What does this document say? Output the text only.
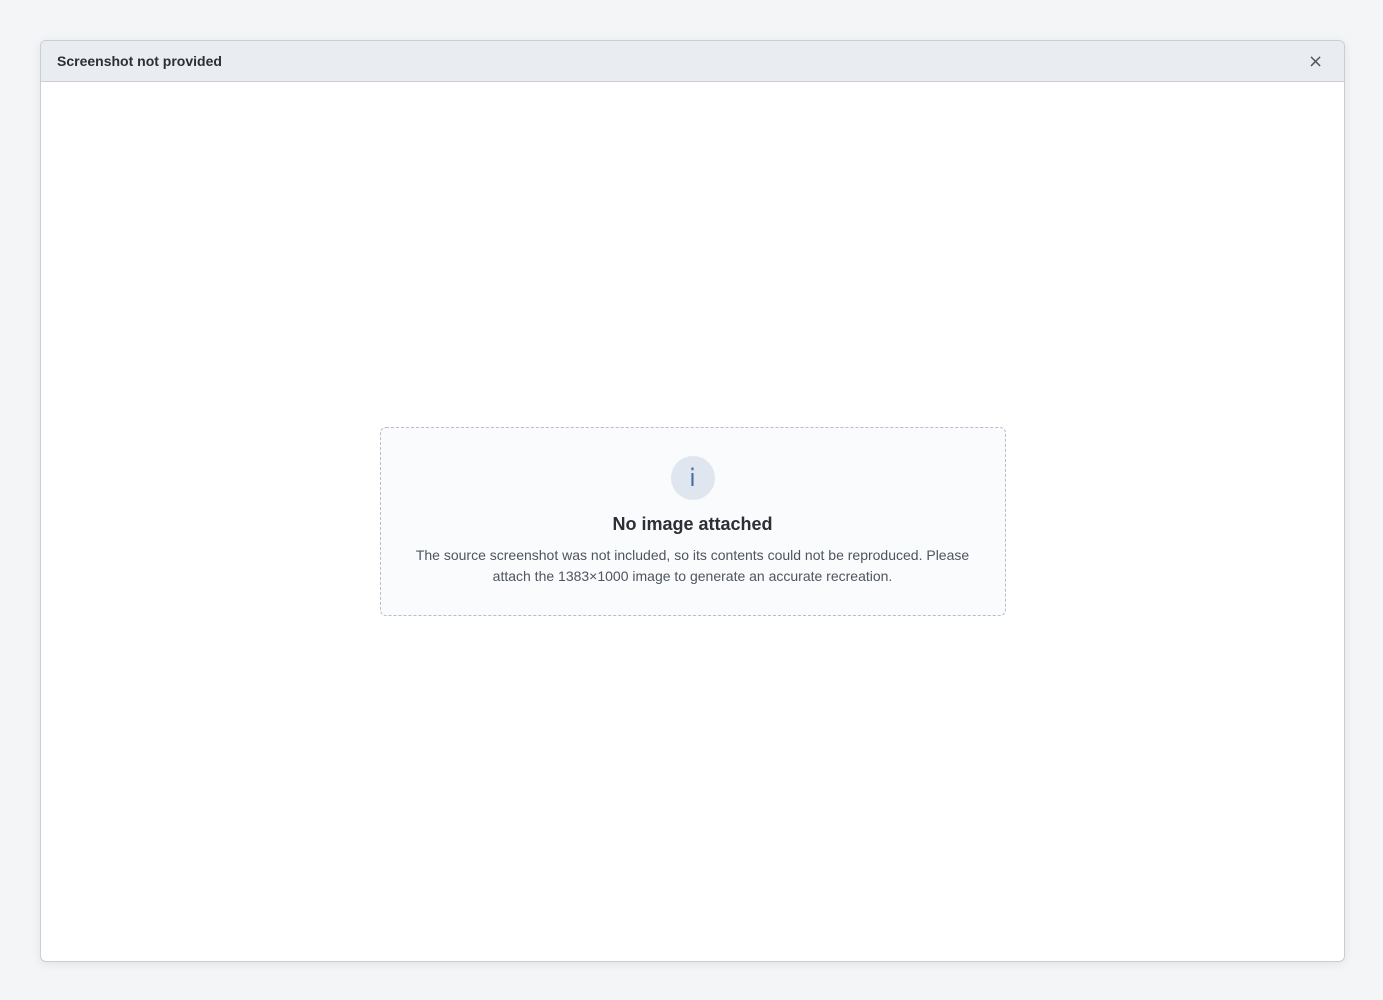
Screenshot not provided	×
i

No image attached

The source screenshot was not included, so its contents could not be reproduced. Please attach the 1383×1000 image to generate an accurate recreation.
